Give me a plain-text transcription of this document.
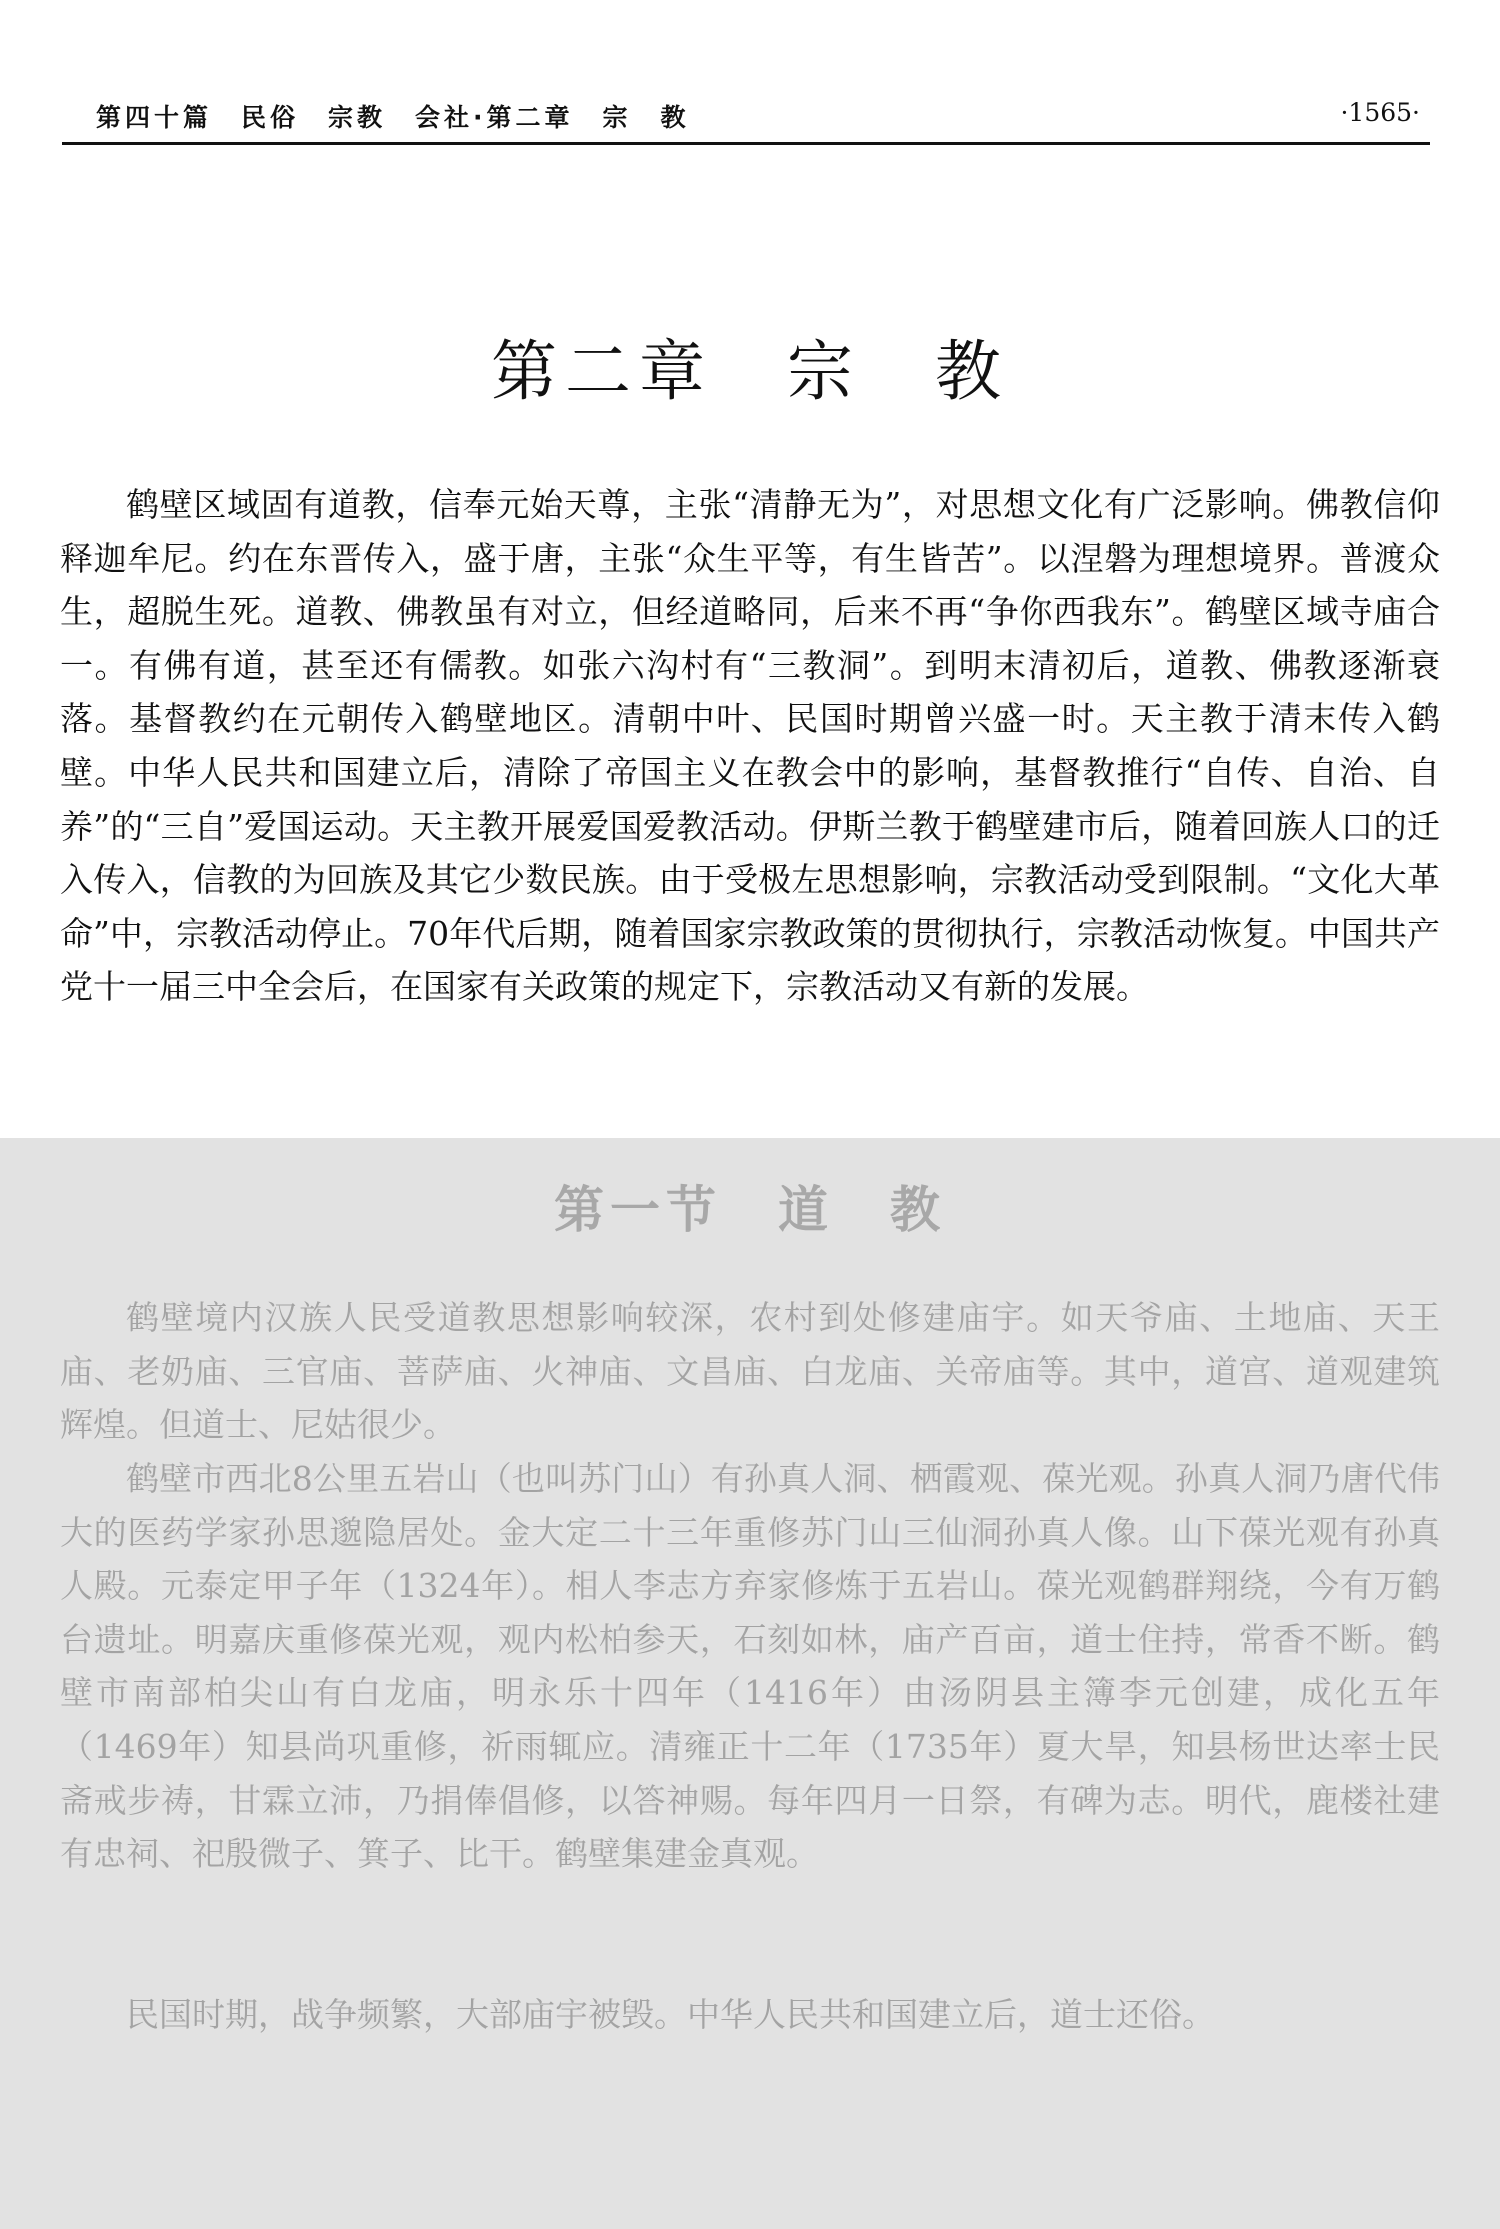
第四十篇　民俗　宗教　会社·第二章　宗　教	·1565·
第二章　宗　教

鹤壁区域固有道教，信奉元始天尊，主张“清静无为”，对思想文化有广泛影响。佛教信仰释迦牟尼。约在东晋传入，盛于唐，主张“众生平等，有生皆苦”。以涅磐为理想境界。普渡众生，超脱生死。道教、佛教虽有对立，但经道略同，后来不再“争你西我东”。鹤壁区域寺庙合一。有佛有道，甚至还有儒教。如张六沟村有“三教洞”。到明末清初后，道教、佛教逐渐衰落。基督教约在元朝传入鹤壁地区。清朝中叶、民国时期曾兴盛一时。天主教于清末传入鹤壁。中华人民共和国建立后，清除了帝国主义在教会中的影响，基督教推行“自传、自治、自养”的“三自”爱国运动。天主教开展爱国爱教活动。伊斯兰教于鹤壁建市后，随着回族人口的迁入传入，信教的为回族及其它少数民族。由于受极左思想影响，宗教活动受到限制。“文化大革命”中，宗教活动停止。70年代后期，随着国家宗教政策的贯彻执行，宗教活动恢复。中国共产党十一届三中全会后，在国家有关政策的规定下，宗教活动又有新的发展。

第一节　道　教

鹤壁境内汉族人民受道教思想影响较深，农村到处修建庙宇。如天爷庙、土地庙、天王庙、老奶庙、三官庙、菩萨庙、火神庙、文昌庙、白龙庙、关帝庙等。其中，道宫、道观建筑辉煌。但道士、尼姑很少。

鹤壁市西北8公里五岩山（也叫苏门山）有孙真人洞、栖霞观、葆光观。孙真人洞乃唐代伟大的医药学家孙思邈隐居处。金大定二十三年重修苏门山三仙洞孙真人像。山下葆光观有孙真人殿。元泰定甲子年（1324年）。相人李志方弃家修炼于五岩山。葆光观鹤群翔绕，今有万鹤台遗址。明嘉庆重修葆光观，观内松柏参天，石刻如林，庙产百亩，道士住持，常香不断。鹤壁市南部柏尖山有白龙庙，明永乐十四年（1416年）由汤阴县主簿李元创建，成化五年（1469年）知县尚巩重修，祈雨辄应。清雍正十二年（1735年）夏大旱，知县杨世达率士民斋戒步祷，甘霖立沛，乃捐俸倡修，以答神赐。每年四月一日祭，有碑为志。明代，鹿楼社建有忠祠、祀殷微子、箕子、比干。鹤壁集建金真观。

民国时期，战争频繁，大部庙宇被毁。中华人民共和国建立后，道士还俗。
